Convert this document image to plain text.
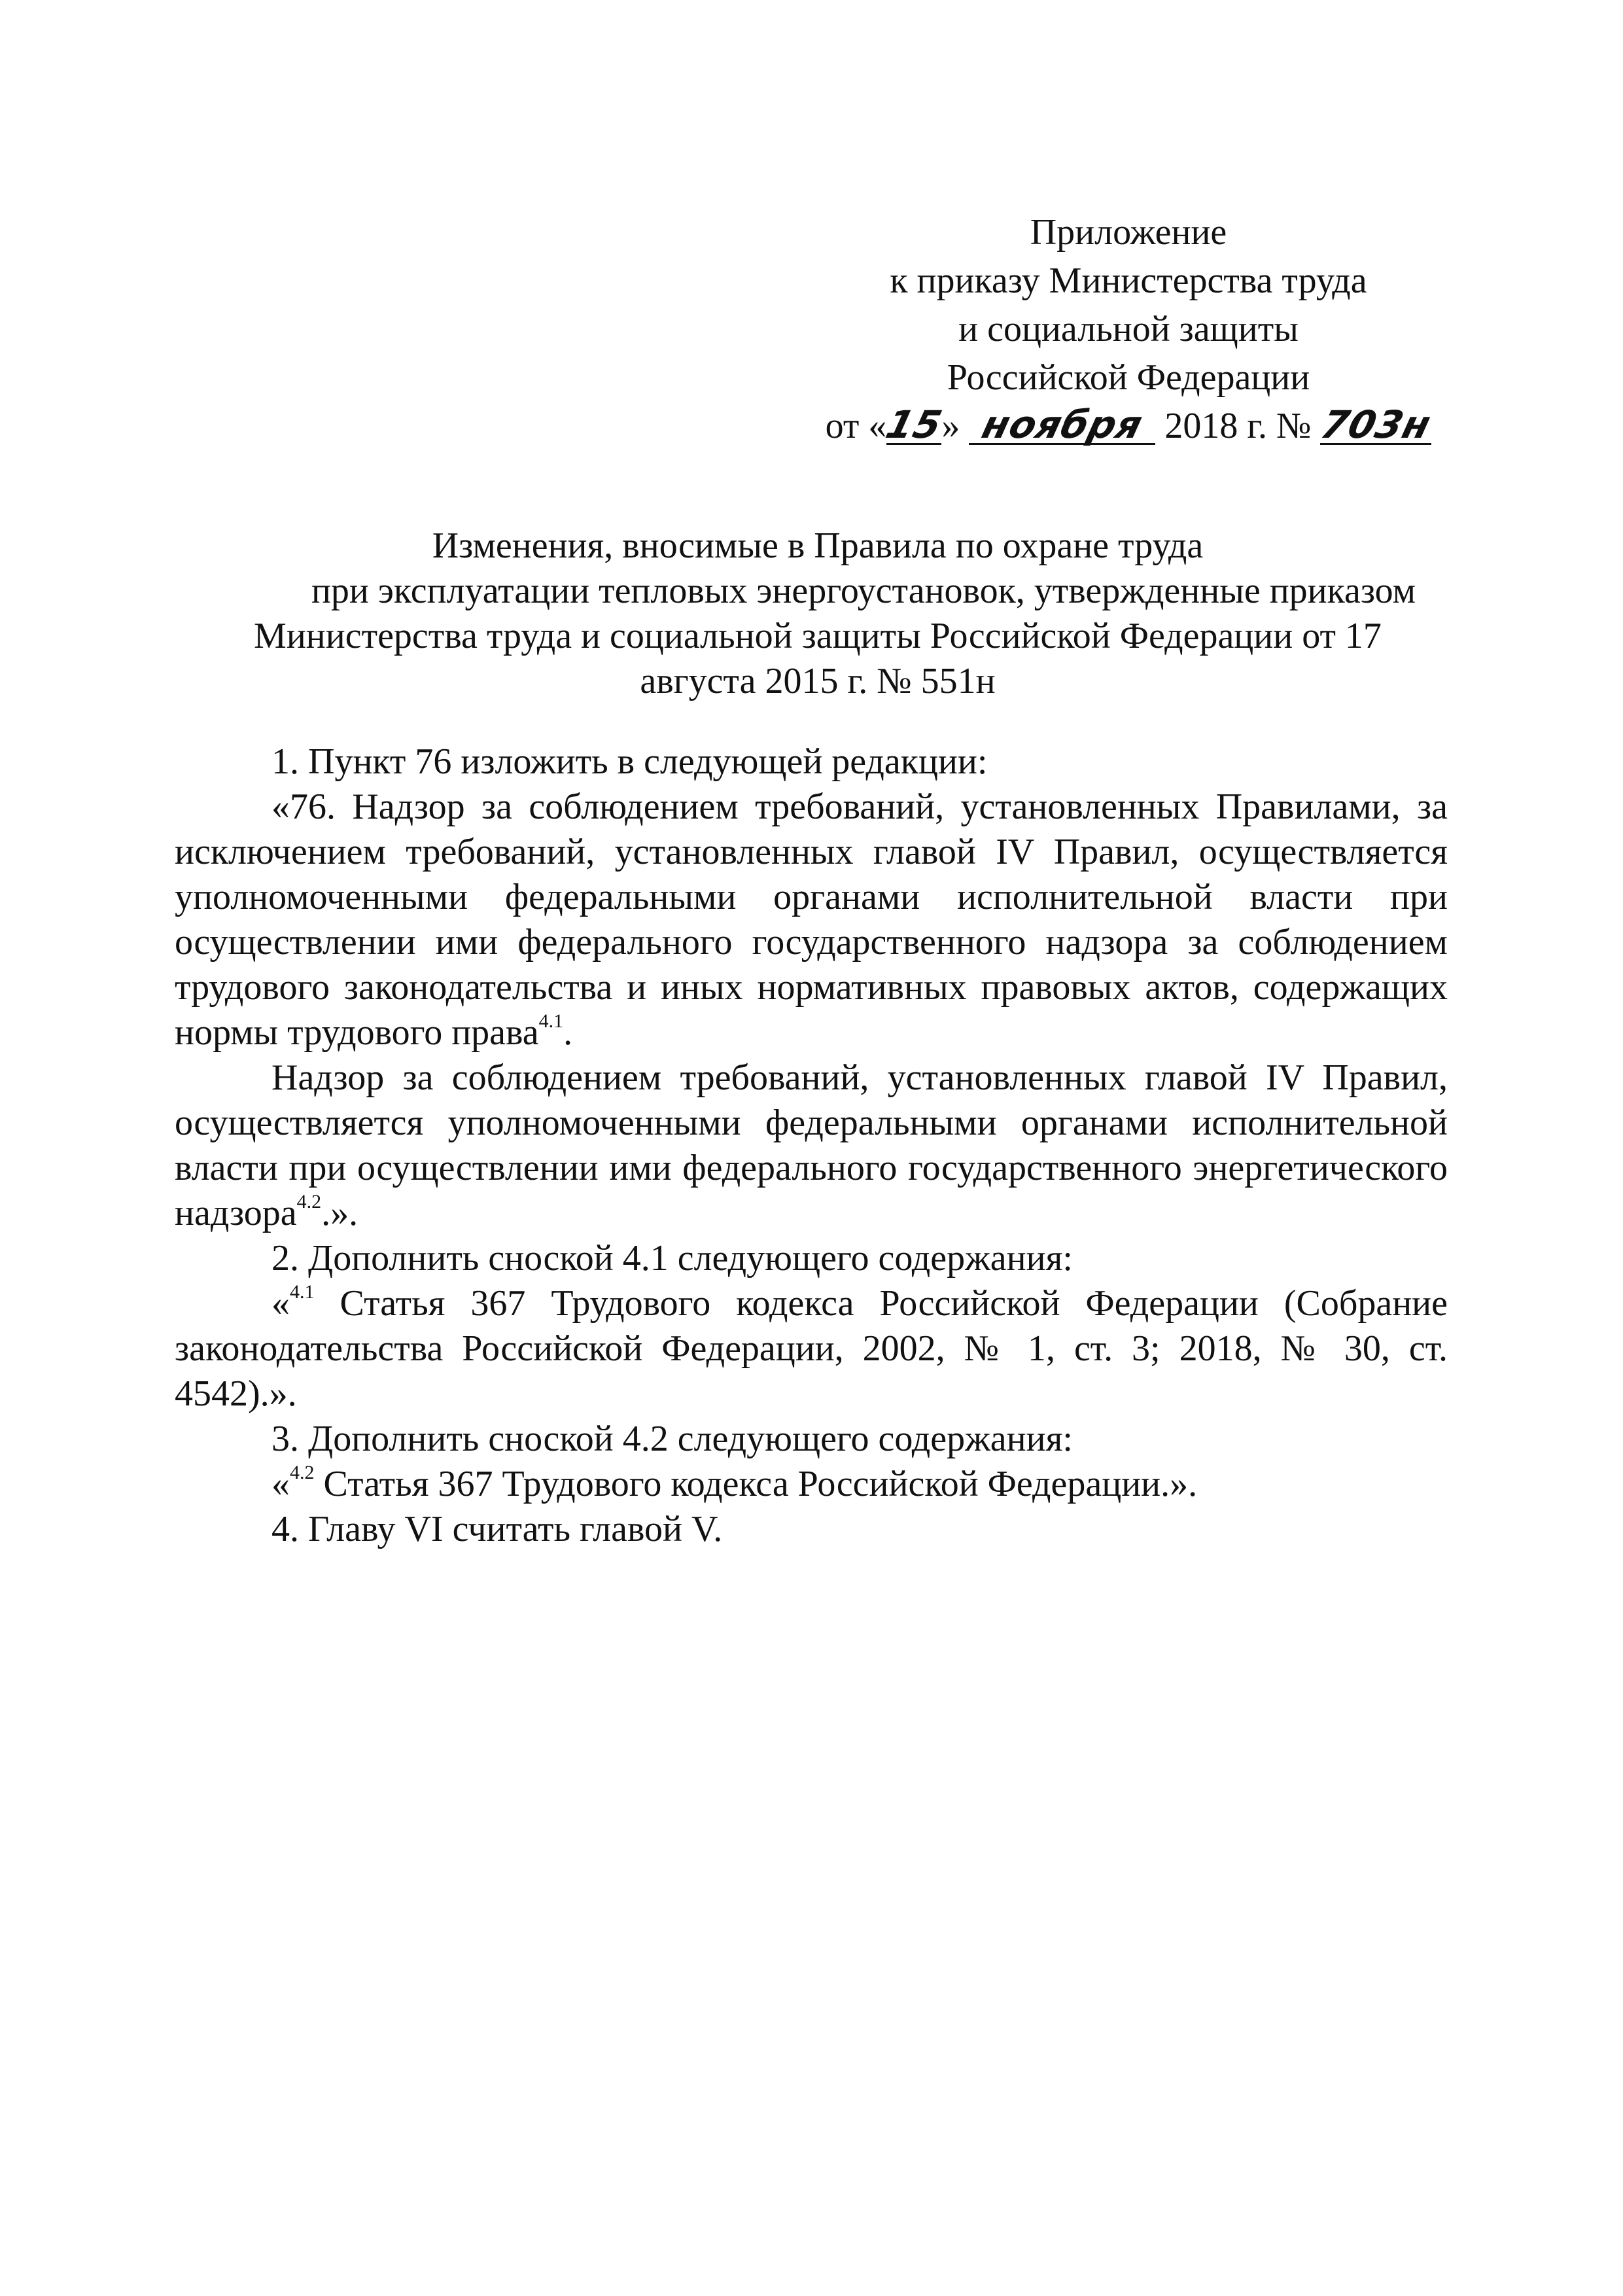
Приложение
к приказу Министерства труда
и социальной защиты
Российской Федерации
от «15» ноября 2018 г. № 703н
Изменения, вносимые в Правила по охране труда
при эксплуатации тепловых энергоустановок, утвержденные приказом
Министерства труда и социальной защиты Российской Федерации от 17
августа 2015 г. № 551н

1. Пункт 76 изложить в следующей редакции:

«76. Надзор за соблюдением требований, установленных Правилами, за исключением требований, установленных главой IV Правил, осуществляется уполномоченными федеральными органами исполнительной власти при осуществлении ими федерального государственного надзора за соблюдением трудового законодательства и иных нормативных правовых актов, содержащих нормы трудового права$^{4.1}$.

Надзор за соблюдением требований, установленных главой IV Правил, осуществляется уполномоченными федеральными органами исполнительной власти при осуществлении ими федерального государственного энергетического надзора$^{4.2}$.».

2. Дополнить сноской 4.1 следующего содержания:

«$^{4.1}$ Статья 367 Трудового кодекса Российской Федерации (Собрание законодательства Российской Федерации, 2002, № 1, ст. 3; 2018, № 30, ст. 4542).».

3. Дополнить сноской 4.2 следующего содержания:

«$^{4.2}$ Статья 367 Трудового кодекса Российской Федерации.».

4. Главу VI считать главой V.
